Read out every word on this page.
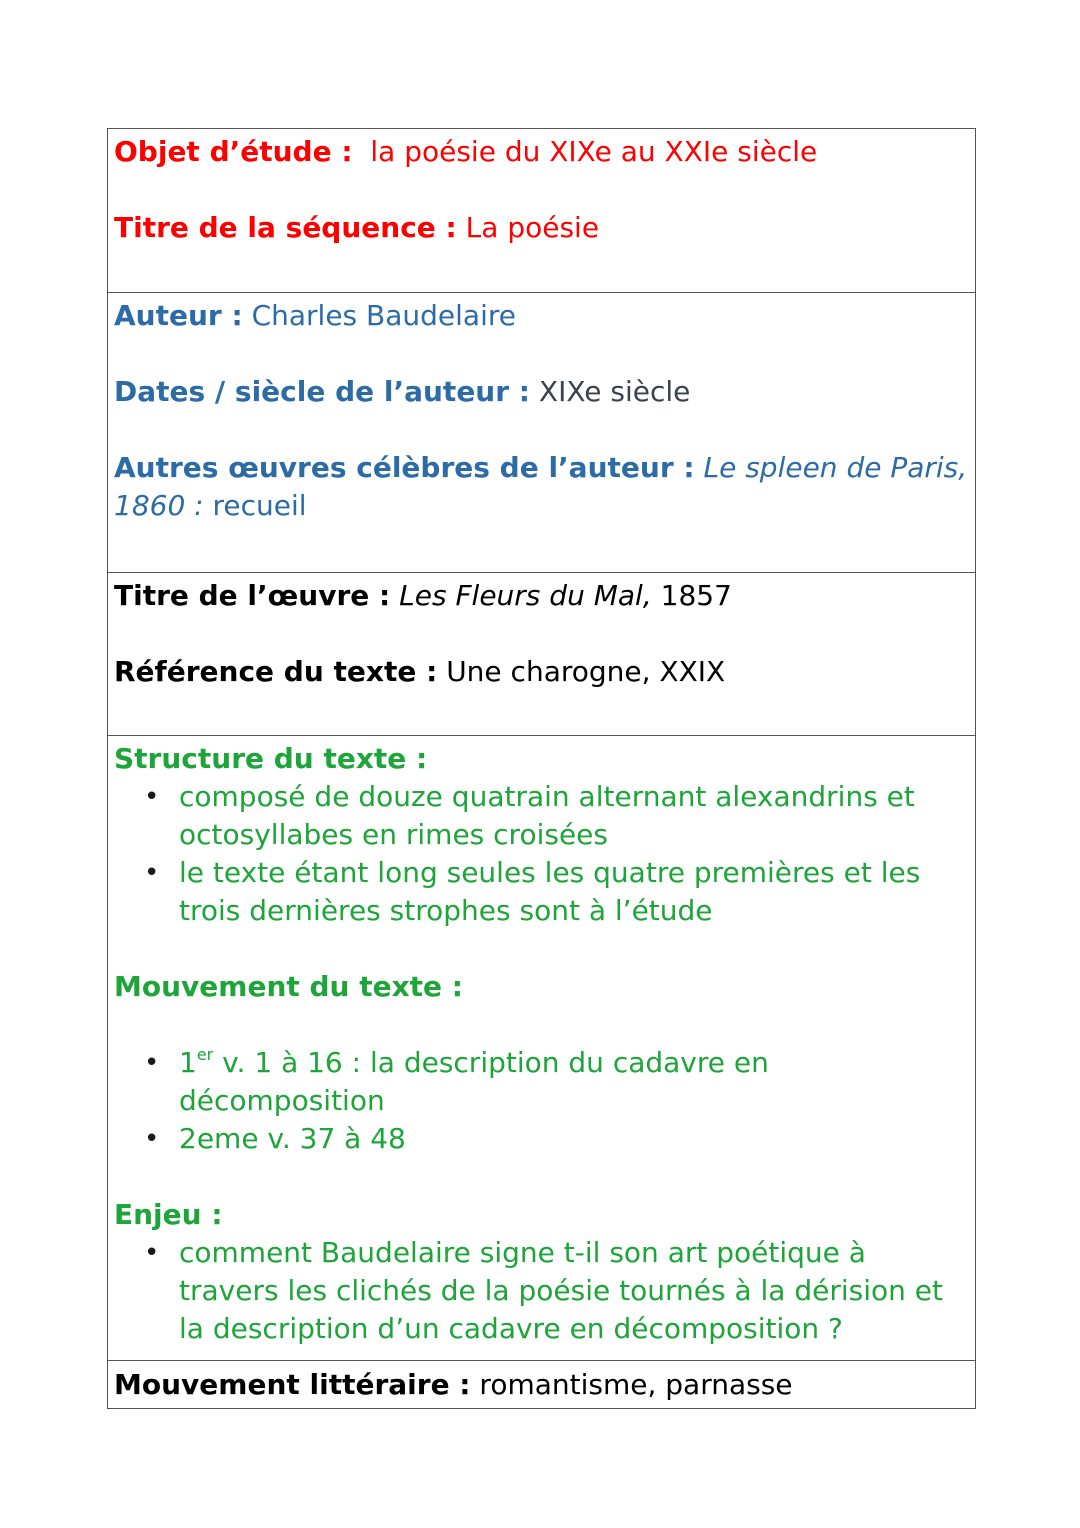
Objet d’étude : la poésie du XIXe au XXIe siècle

Titre de la séquence : La poésie

Auteur : Charles Baudelaire

Dates / siècle de l’auteur : XIXe siècle

Autres œuvres célèbres de l’auteur : Le spleen de Paris, 1860 : recueil

Titre de l’œuvre : Les Fleurs du Mal, 1857

Référence du texte : Une charogne, XXIX

Structure du texte :

• composé de douze quatrain alternant alexandrins et octosyllabes en rimes croisées
• le texte étant long seules les quatre premières et les trois dernières strophes sont à l’étude

Mouvement du texte :

• 1er v. 1 à 16 : la description du cadavre en décomposition
• 2eme v. 37 à 48

Enjeu :

• comment Baudelaire signe t-il son art poétique à travers les clichés de la poésie tournés à la dérision et la description d’un cadavre en décomposition ?

Mouvement littéraire : romantisme, parnasse
